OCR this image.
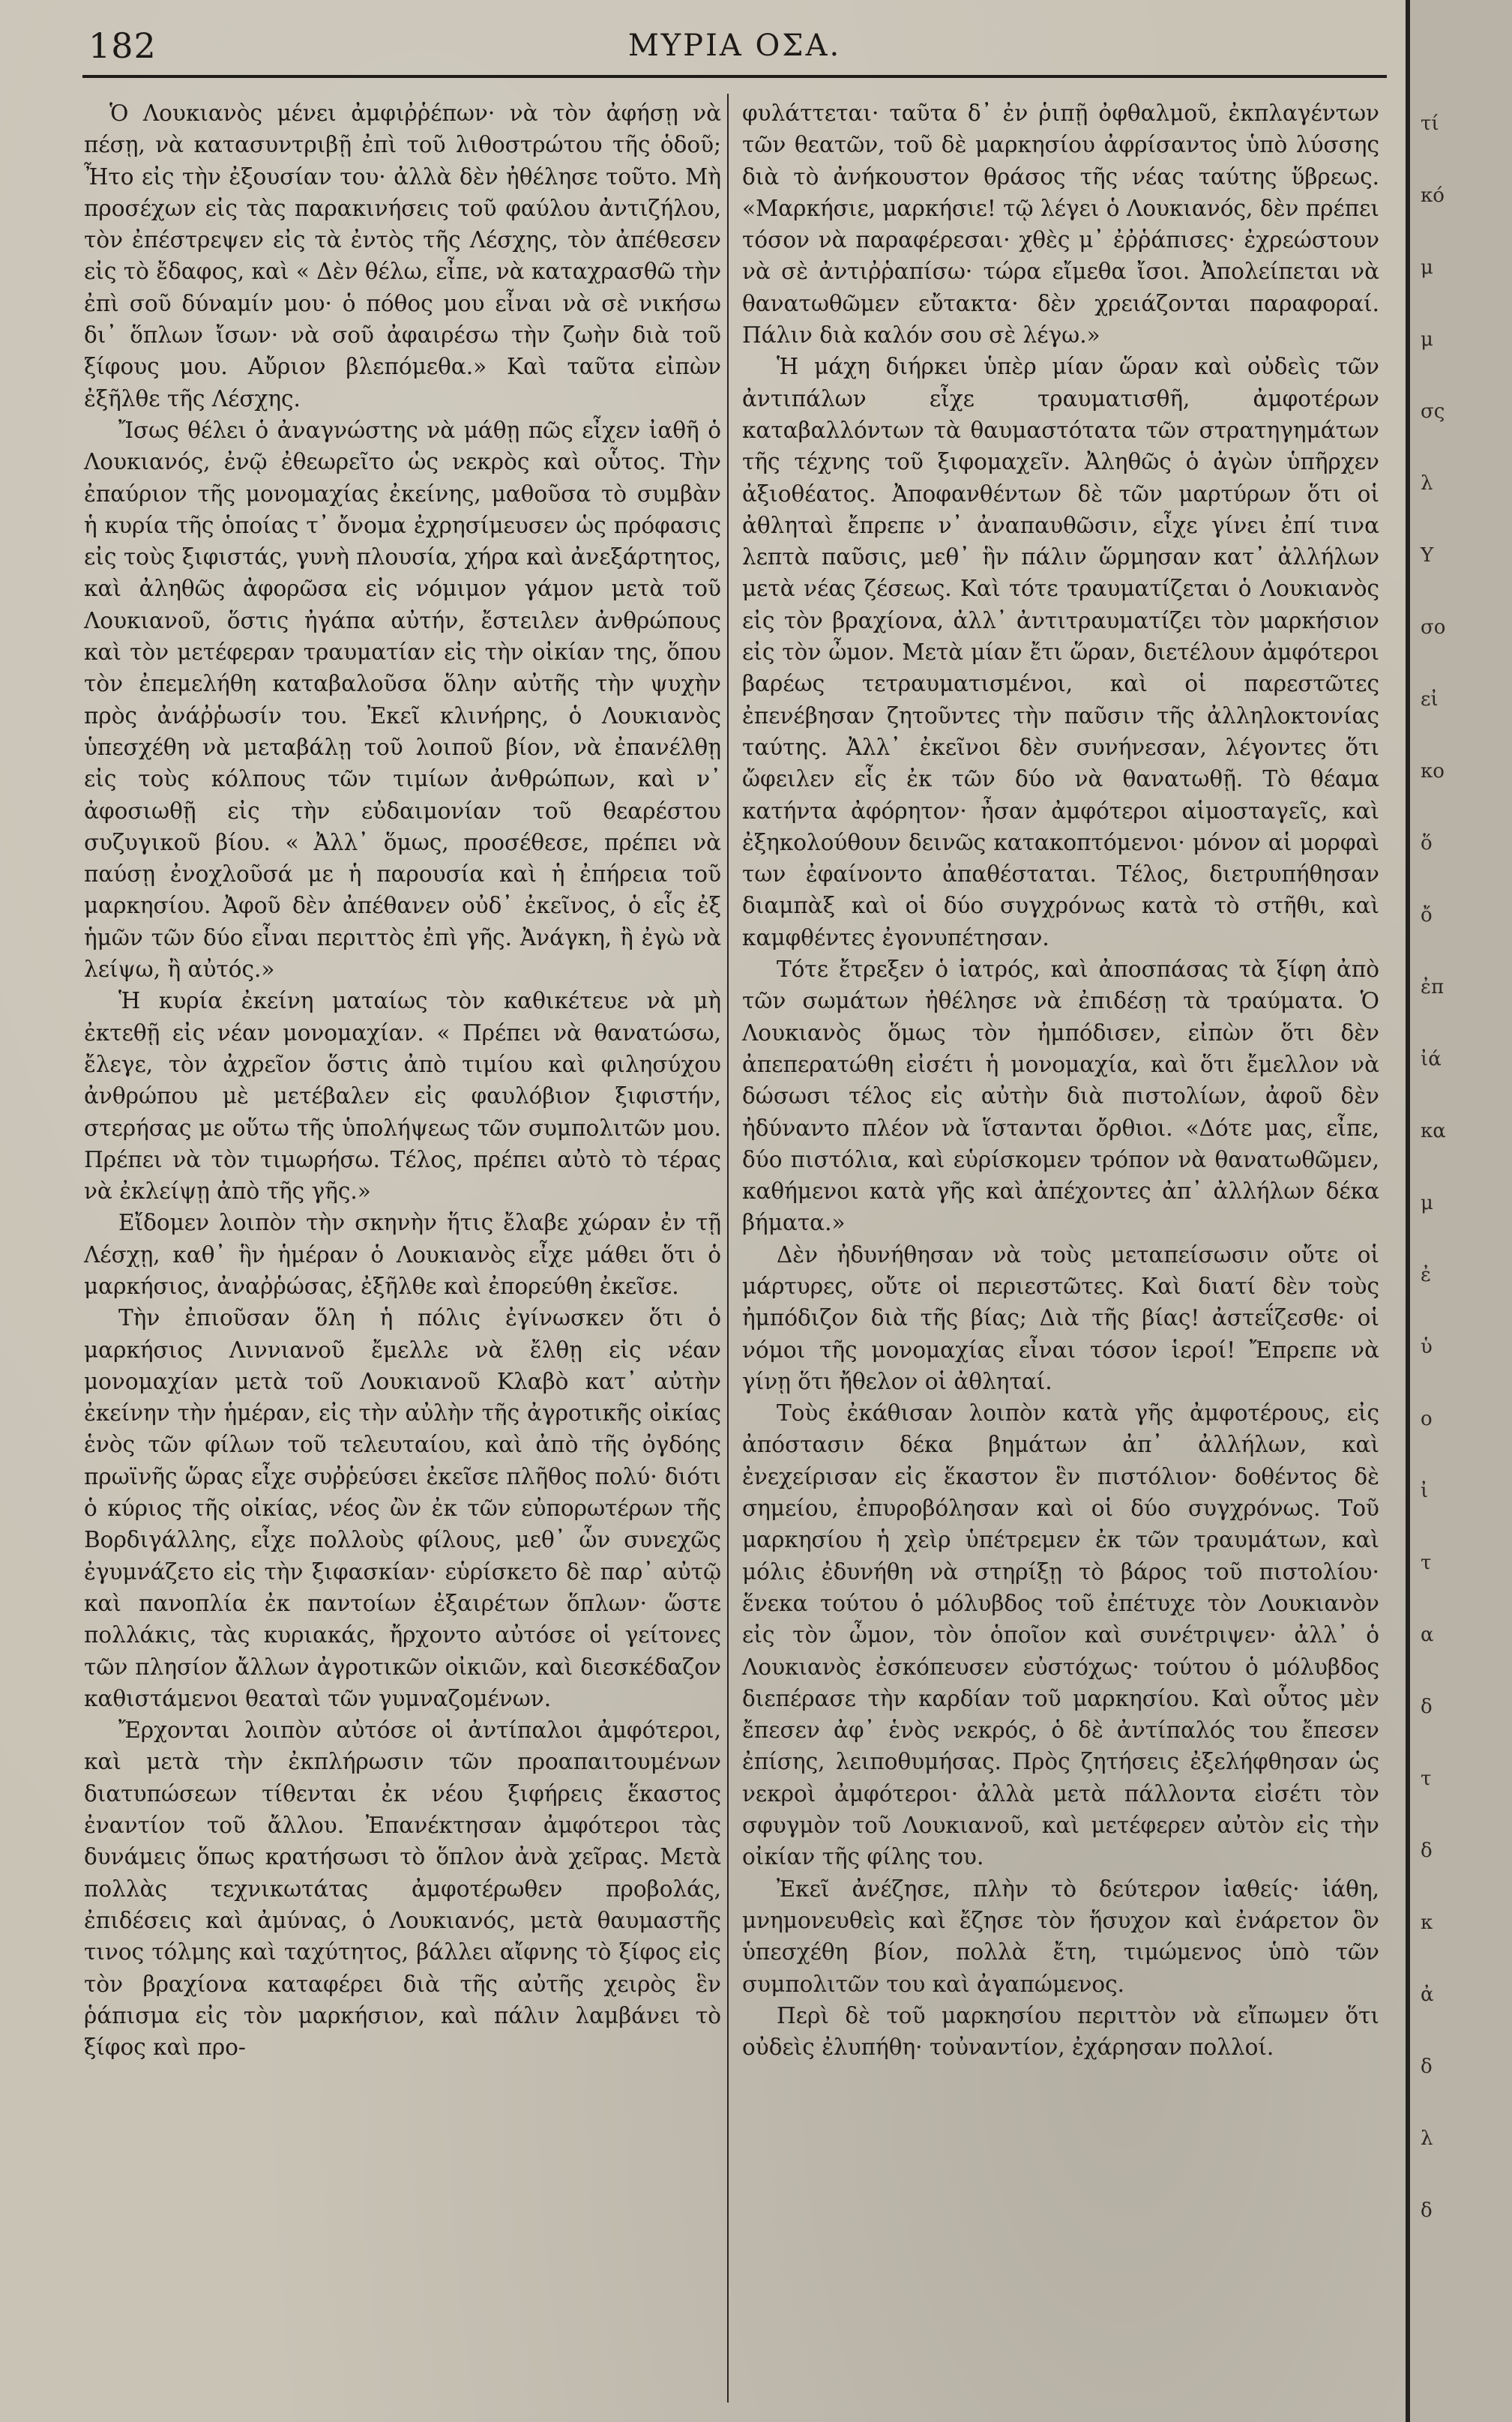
182	ΜΥΡΙΑ ΟΣΑ.

Ὁ Λουκιανὸς μένει ἀμφιῤῥέπων· νὰ τὸν ἀφήσῃ νὰ πέσῃ, νὰ κατασυντριβῇ ἐπὶ τοῦ λιθοστρώτου τῆς ὁδοῦ; Ἦτο εἰς τὴν ἐξουσίαν του· ἀλλὰ δὲν ἠθέλησε τοῦτο. Μὴ προσέχων εἰς τὰς παρακινήσεις τοῦ φαύλου ἀντιζήλου, τὸν ἐπέστρεψεν εἰς τὰ ἐντὸς τῆς Λέσχης, τὸν ἀπέθεσεν εἰς τὸ ἔδαφος, καὶ « Δὲν θέλω, εἶπε, νὰ καταχρασθῶ τὴν ἐπὶ σοῦ δύναμίν μου· ὁ πόθος μου εἶναι νὰ σὲ νικήσω δι᾽ ὅπλων ἴσων· νὰ σοῦ ἀφαιρέσω τὴν ζωὴν διὰ τοῦ ξίφους μου. Αὔριον βλεπόμεθα.» Καὶ ταῦτα εἰπὼν ἐξῆλθε τῆς Λέσχης.

Ἴσως θέλει ὁ ἀναγνώστης νὰ μάθῃ πῶς εἶχεν ἰαθῆ ὁ Λουκιανός, ἐνῷ ἐθεωρεῖτο ὡς νεκρὸς καὶ οὗτος. Τὴν ἐπαύριον τῆς μονομαχίας ἐκείνης, μαθοῦσα τὸ συμβὰν ἡ κυρία τῆς ὁποίας τ᾽ ὄνομα ἐχρησίμευσεν ὡς πρόφασις εἰς τοὺς ξιφιστάς, γυνὴ πλουσία, χήρα καὶ ἀνεξάρτητος, καὶ ἀληθῶς ἀφορῶσα εἰς νόμιμον γάμον μετὰ τοῦ Λουκιανοῦ, ὅστις ἠγάπα αὐτήν, ἔστειλεν ἀνθρώπους καὶ τὸν μετέφεραν τραυματίαν εἰς τὴν οἰκίαν της, ὅπου τὸν ἐπεμελήθη καταβαλοῦσα ὅλην αὐτῆς τὴν ψυχὴν πρὸς ἀνάῤῥωσίν του. Ἐκεῖ κλινήρης, ὁ Λουκιανὸς ὑπεσχέθη νὰ μεταβάλῃ τοῦ λοιποῦ βίον, νὰ ἐπανέλθῃ εἰς τοὺς κόλπους τῶν τιμίων ἀνθρώπων, καὶ ν᾽ ἀφοσιωθῇ εἰς τὴν εὐδαιμονίαν τοῦ θεαρέστου συζυγικοῦ βίου. « Ἀλλ᾽ ὅμως, προσέθεσε, πρέπει νὰ παύσῃ ἐνοχλοῦσά με ἡ παρουσία καὶ ἡ ἐπήρεια τοῦ μαρκησίου. Ἀφοῦ δὲν ἀπέθανεν οὐδ᾽ ἐκεῖνος, ὁ εἷς ἐξ ἡμῶν τῶν δύο εἶναι περιττὸς ἐπὶ γῆς. Ἀνάγκη, ἢ ἐγὼ νὰ λείψω, ἢ αὐτός.»

Ἡ κυρία ἐκείνη ματαίως τὸν καθικέτευε νὰ μὴ ἐκτεθῇ εἰς νέαν μονομαχίαν. « Πρέπει νὰ θανατώσω, ἔλεγε, τὸν ἀχρεῖον ὅστις ἀπὸ τιμίου καὶ φιλησύχου ἀνθρώπου μὲ μετέβαλεν εἰς φαυλόβιον ξιφιστήν, στερήσας με οὕτω τῆς ὑπολήψεως τῶν συμπολιτῶν μου. Πρέπει νὰ τὸν τιμωρήσω. Τέλος, πρέπει αὐτὸ τὸ τέρας νὰ ἐκλείψῃ ἀπὸ τῆς γῆς.»

Εἴδομεν λοιπὸν τὴν σκηνὴν ἥτις ἔλαβε χώραν ἐν τῇ Λέσχῃ, καθ᾽ ἣν ἡμέραν ὁ Λουκιανὸς εἶχε μάθει ὅτι ὁ μαρκήσιος, ἀναῤῥώσας, ἐξῆλθε καὶ ἐπορεύθη ἐκεῖσε.

Τὴν ἐπιοῦσαν ὅλη ἡ πόλις ἐγίνωσκεν ὅτι ὁ μαρκήσιος Λιννιανοῦ ἔμελλε νὰ ἔλθῃ εἰς νέαν μονομαχίαν μετὰ τοῦ Λουκιανοῦ Κλαβὸ κατ᾽ αὐτὴν ἐκείνην τὴν ἡμέραν, εἰς τὴν αὐλὴν τῆς ἀγροτικῆς οἰκίας ἑνὸς τῶν φίλων τοῦ τελευταίου, καὶ ἀπὸ τῆς ὀγδόης πρωϊνῆς ὥρας εἶχε συῤῥεύσει ἐκεῖσε πλῆθος πολύ· διότι ὁ κύριος τῆς οἰκίας, νέος ὢν ἐκ τῶν εὐπορωτέρων τῆς Βορδιγάλλης, εἶχε πολλοὺς φίλους, μεθ᾽ ὧν συνεχῶς ἐγυμνάζετο εἰς τὴν ξιφασκίαν· εὑρίσκετο δὲ παρ᾽ αὐτῷ καὶ πανοπλία ἐκ παντοίων ἐξαιρέτων ὅπλων· ὥστε πολλάκις, τὰς κυριακάς, ἤρχοντο αὐτόσε οἱ γείτονες τῶν πλησίον ἄλλων ἀγροτικῶν οἰκιῶν, καὶ διεσκέδαζον καθιστάμενοι θεαταὶ τῶν γυμναζομένων.

Ἔρχονται λοιπὸν αὐτόσε οἱ ἀντίπαλοι ἀμφότεροι, καὶ μετὰ τὴν ἐκπλήρωσιν τῶν προαπαιτουμένων διατυπώσεων τίθενται ἐκ νέου ξιφήρεις ἕκαστος ἐναντίον τοῦ ἄλλου. Ἐπανέκτησαν ἀμφότεροι τὰς δυνάμεις ὅπως κρατήσωσι τὸ ὅπλον ἀνὰ χεῖρας. Μετὰ πολλὰς τεχνικωτάτας ἀμφοτέρωθεν προβολάς, ἐπιδέσεις καὶ ἀμύνας, ὁ Λουκιανός, μετὰ θαυμαστῆς τινος τόλμης καὶ ταχύτητος, βάλλει αἴφνης τὸ ξίφος εἰς τὸν βραχίονα καταφέρει διὰ τῆς αὐτῆς χειρὸς ἓν ῥάπισμα εἰς τὸν μαρκήσιον, καὶ πάλιν λαμβάνει τὸ ξίφος καὶ προ-

φυλάττεται· ταῦτα δ᾽ ἐν ῥιπῇ ὀφθαλμοῦ, ἐκπλαγέντων τῶν θεατῶν, τοῦ δὲ μαρκησίου ἀφρίσαντος ὑπὸ λύσσης διὰ τὸ ἀνήκουστον θράσος τῆς νέας ταύτης ὕβρεως. «Μαρκήσιε, μαρκήσιε! τῷ λέγει ὁ Λουκιανός, δὲν πρέπει τόσον νὰ παραφέρεσαι· χθὲς μ᾽ ἐῤῥάπισες· ἐχρεώστουν νὰ σὲ ἀντιῤῥαπίσω· τώρα εἴμεθα ἴσοι. Ἀπολείπεται νὰ θανατωθῶμεν εὔτακτα· δὲν χρειάζονται παραφοραί. Πάλιν διὰ καλόν σου σὲ λέγω.»

Ἡ μάχη διήρκει ὑπὲρ μίαν ὥραν καὶ οὐδεὶς τῶν ἀντιπάλων εἶχε τραυματισθῆ, ἀμφοτέρων καταβαλλόντων τὰ θαυμαστότατα τῶν στρατηγημάτων τῆς τέχνης τοῦ ξιφομαχεῖν. Ἀληθῶς ὁ ἀγὼν ὑπῆρχεν ἀξιοθέατος. Ἀποφανθέντων δὲ τῶν μαρτύρων ὅτι οἱ ἀθληταὶ ἔπρεπε ν᾽ ἀναπαυθῶσιν, εἶχε γίνει ἐπί τινα λεπτὰ παῦσις, μεθ᾽ ἣν πάλιν ὥρμησαν κατ᾽ ἀλλήλων μετὰ νέας ζέσεως. Καὶ τότε τραυματίζεται ὁ Λουκιανὸς εἰς τὸν βραχίονα, ἀλλ᾽ ἀντιτραυματίζει τὸν μαρκήσιον εἰς τὸν ὦμον. Μετὰ μίαν ἔτι ὥραν, διετέλουν ἀμφότεροι βαρέως τετραυματισμένοι, καὶ οἱ παρεστῶτες ἐπενέβησαν ζητοῦντες τὴν παῦσιν τῆς ἀλληλοκτονίας ταύτης. Ἀλλ᾽ ἐκεῖνοι δὲν συνήνεσαν, λέγοντες ὅτι ὤφειλεν εἷς ἐκ τῶν δύο νὰ θανατωθῇ. Τὸ θέαμα κατήντα ἀφόρητον· ἦσαν ἀμφότεροι αἱμοσταγεῖς, καὶ ἐξηκολούθουν δεινῶς κατακοπτόμενοι· μόνον αἱ μορφαὶ των ἐφαίνοντο ἀπαθέσταται. Τέλος, διετρυπήθησαν διαμπὰξ καὶ οἱ δύο συγχρόνως κατὰ τὸ στῆθι, καὶ καμφθέντες ἐγονυπέτησαν.

Τότε ἔτρεξεν ὁ ἰατρός, καὶ ἀποσπάσας τὰ ξίφη ἀπὸ τῶν σωμάτων ἠθέλησε νὰ ἐπιδέσῃ τὰ τραύματα. Ὁ Λουκιανὸς ὅμως τὸν ἠμπόδισεν, εἰπὼν ὅτι δὲν ἀπεπερατώθη εἰσέτι ἡ μονομαχία, καὶ ὅτι ἔμελλον νὰ δώσωσι τέλος εἰς αὐτὴν διὰ πιστολίων, ἀφοῦ δὲν ἠδύναντο πλέον νὰ ἵστανται ὄρθιοι. «Δότε μας, εἶπε, δύο πιστόλια, καὶ εὑρίσκομεν τρόπον νὰ θανατωθῶμεν, καθήμενοι κατὰ γῆς καὶ ἀπέχοντες ἀπ᾽ ἀλλήλων δέκα βήματα.»

Δὲν ἠδυνήθησαν νὰ τοὺς μεταπείσωσιν οὔτε οἱ μάρτυρες, οὔτε οἱ περιεστῶτες. Καὶ διατί δὲν τοὺς ἠμπόδιζον διὰ τῆς βίας; Διὰ τῆς βίας! ἀστεΐζεσθε· οἱ νόμοι τῆς μονομαχίας εἶναι τόσον ἱεροί! Ἔπρεπε νὰ γίνῃ ὅτι ἤθελον οἱ ἀθληταί.

Τοὺς ἐκάθισαν λοιπὸν κατὰ γῆς ἀμφοτέρους, εἰς ἀπόστασιν δέκα βημάτων ἀπ᾽ ἀλλήλων, καὶ ἐνεχείρισαν εἰς ἕκαστον ἓν πιστόλιον· δοθέντος δὲ σημείου, ἐπυροβόλησαν καὶ οἱ δύο συγχρόνως. Τοῦ μαρκησίου ἡ χεὶρ ὑπέτρεμεν ἐκ τῶν τραυμάτων, καὶ μόλις ἐδυνήθη νὰ στηρίξῃ τὸ βάρος τοῦ πιστολίου· ἕνεκα τούτου ὁ μόλυβδος τοῦ ἐπέτυχε τὸν Λουκιανὸν εἰς τὸν ὦμον, τὸν ὁποῖον καὶ συνέτριψεν· ἀλλ᾽ ὁ Λουκιανὸς ἐσκόπευσεν εὐστόχως· τούτου ὁ μόλυβδος διεπέρασε τὴν καρδίαν τοῦ μαρκησίου. Καὶ οὗτος μὲν ἔπεσεν ἀφ᾽ ἑνὸς νεκρός, ὁ δὲ ἀντίπαλός του ἔπεσεν ἐπίσης, λειποθυμήσας. Πρὸς ζητήσεις ἐξελήφθησαν ὡς νεκροὶ ἀμφότεροι· ἀλλὰ μετὰ πάλλοντα εἰσέτι τὸν σφυγμὸν τοῦ Λουκιανοῦ, καὶ μετέφερεν αὐτὸν εἰς τὴν οἰκίαν τῆς φίλης του.

Ἐκεῖ ἀνέζησε, πλὴν τὸ δεύτερον ἰαθείς· ἰάθη, μνημονευθεὶς καὶ ἔζησε τὸν ἥσυχον καὶ ἐνάρετον ὃν ὑπεσχέθη βίον, πολλὰ ἔτη, τιμώμενος ὑπὸ τῶν συμπολιτῶν του καὶ ἀγαπώμενος.

Περὶ δὲ τοῦ μαρκησίου περιττὸν νὰ εἴπωμεν ὅτι οὐδεὶς ἐλυπήθη· τοὐναντίον, ἐχάρησαν πολλοί.

τί
κό
μ
μ
σς
λ
Υ
σο
εἰ
κο
ὅ
ὄ
ἐπ
ἰά
κα
μ
ἐ
ὑ
ο
ἰ
τ
α
δ
τ
δ
κ
ἀ
δ
λ
δ
